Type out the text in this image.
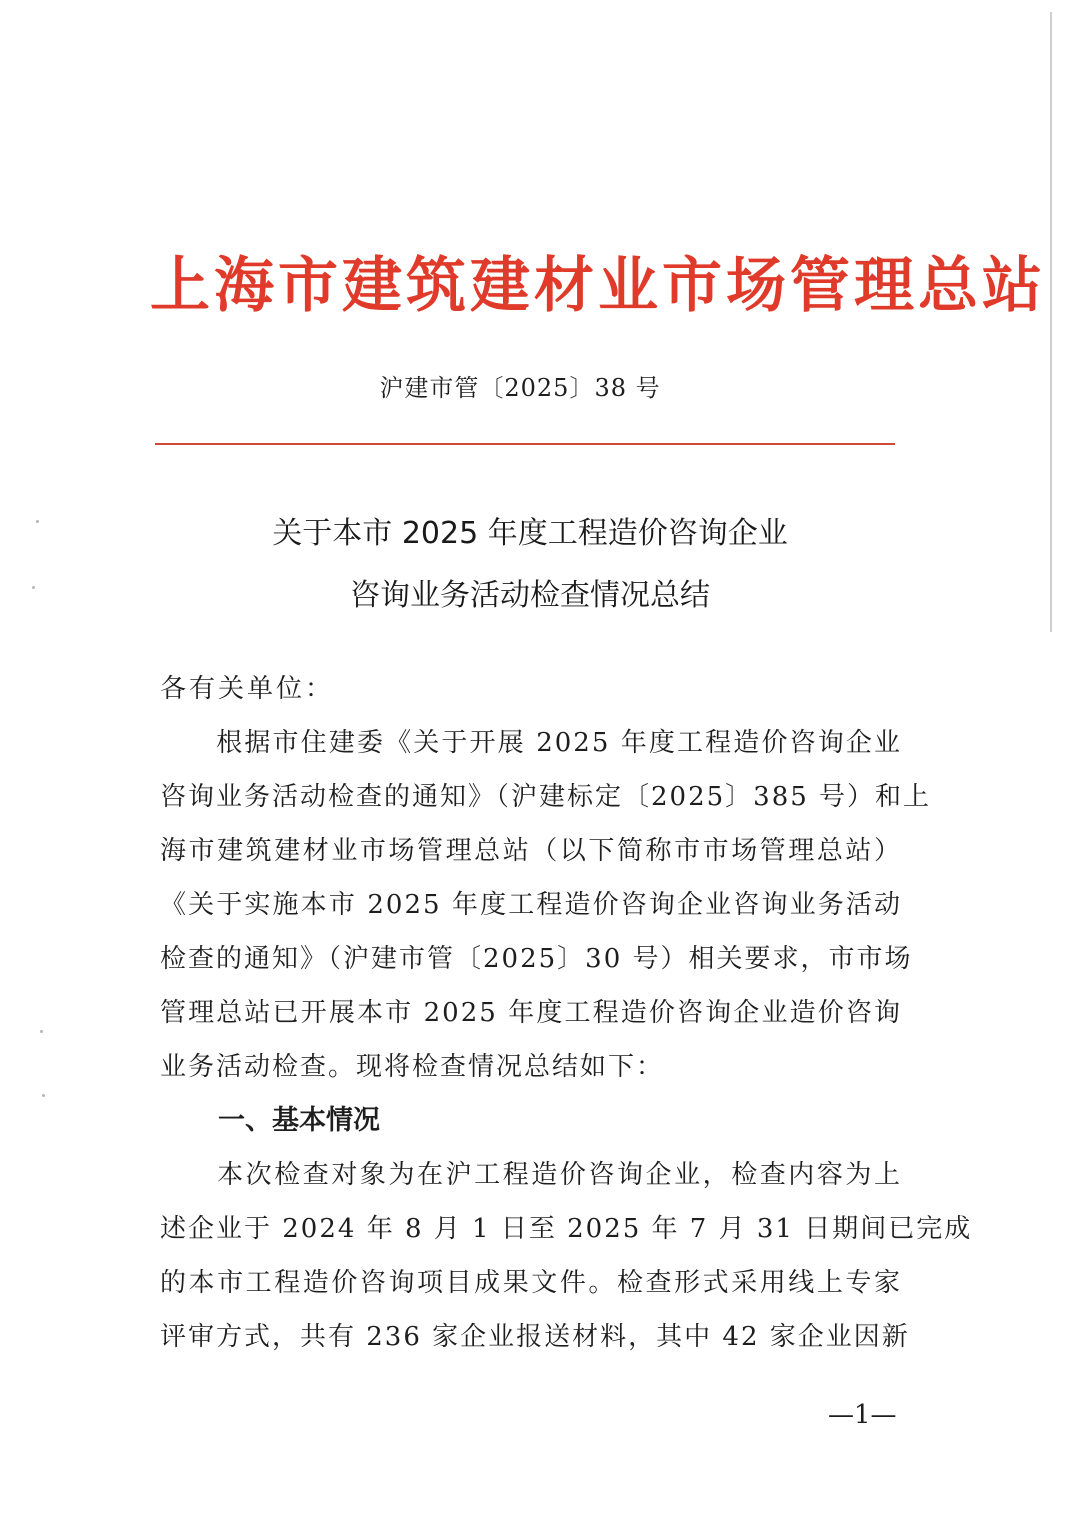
上海市建筑建材业市场管理总站
沪建市管〔2025〕38 号
关于本市 2025 年度工程造价咨询企业
咨询业务活动检查情况总结
各有关单位：
　　根据市住建委《关于开展 2025 年度工程造价咨询企业
咨询业务活动检查的通知》（沪建标定〔2025〕385 号）和上
海市建筑建材业市场管理总站（以下简称市市场管理总站）
《关于实施本市 2025 年度工程造价咨询企业咨询业务活动
检查的通知》（沪建市管〔2025〕30 号）相关要求，市市场
管理总站已开展本市 2025 年度工程造价咨询企业造价咨询
业务活动检查。现将检查情况总结如下：
一、基本情况
　　本次检查对象为在沪工程造价咨询企业，检查内容为上
述企业于 2024 年 8 月 1 日至 2025 年 7 月 31 日期间已完成
的本市工程造价咨询项目成果文件。检查形式采用线上专家
评审方式，共有 236 家企业报送材料，其中 42 家企业因新
—1—
